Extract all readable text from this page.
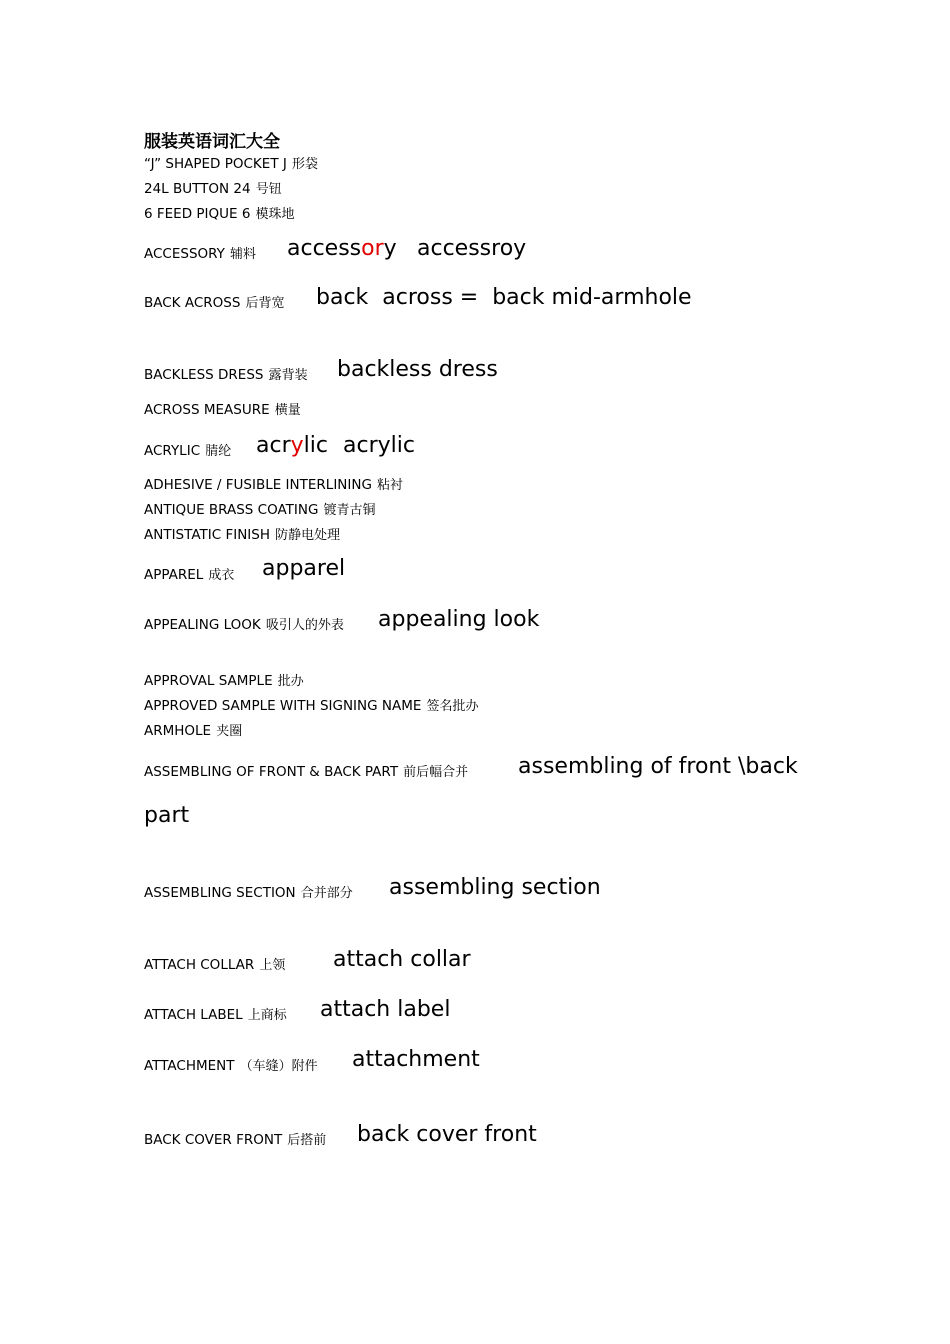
服装英语词汇大全
“J” SHAPED POCKET J 形袋
24L BUTTON 24 号钮
6 FEED PIQUE 6 模珠地
ACCESSORY 辅料 accessory accessroy
BACK ACROSS 后背宽 back  across =  back mid-armhole
BACKLESS DRESS 露背装 backless dress
ACROSS MEASURE 横量
ACRYLIC 腈纶 acrylic acrylic
ADHESIVE / FUSIBLE INTERLINING 粘衬
ANTIQUE BRASS COATING 镀青古铜
ANTISTATIC FINISH 防静电处理
APPAREL 成衣 apparel
APPEALING LOOK 吸引人的外表 appealing look
APPROVAL SAMPLE 批办
APPROVED SAMPLE WITH SIGNING NAME 签名批办
ARMHOLE 夹圈
ASSEMBLING OF FRONT & BACK PART 前后幅合并 assembling of front \back
part
ASSEMBLING SECTION 合并部分 assembling section
ATTACH COLLAR 上领 attach collar
ATTACH LABEL 上商标 attach label
ATTACHMENT （车缝）附件 attachment
BACK COVER FRONT 后搭前 back cover front
